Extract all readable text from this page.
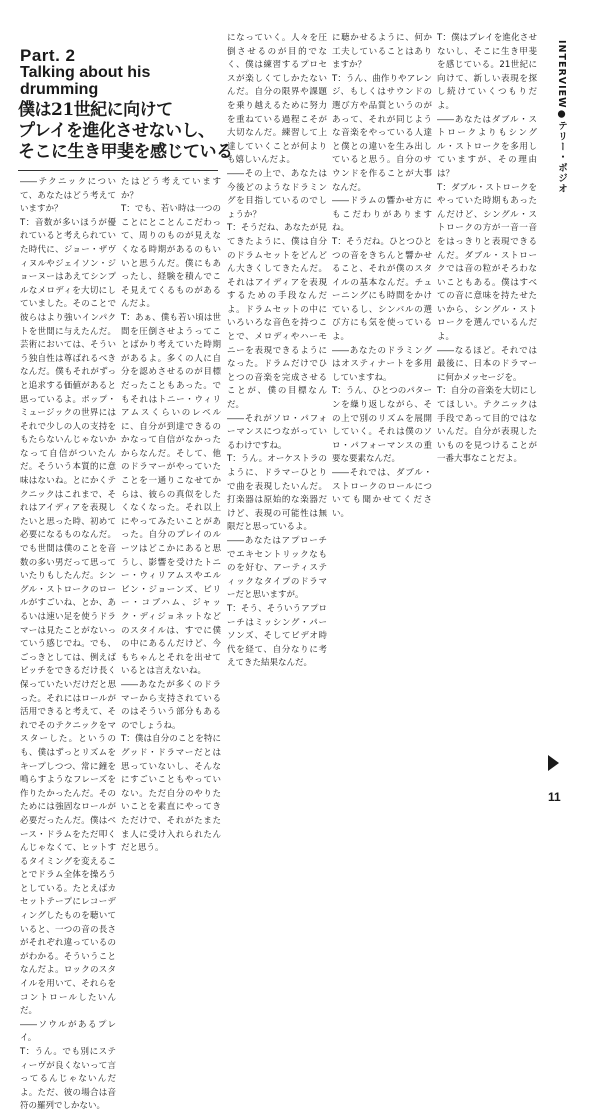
Part. 2
Talking about his drumming
僕は21世紀に向けて
プレイを進化させないし、
そこに生き甲斐を感じている

――テクニックについて、あなたはどう考えていますか？

T：音数が多いほうが優れていると考えられていた時代に、ジョー・ザヴィヌルやジェイソン・ジョーヌーはあえてシンプルなメロディを大切にしていました。そのことで彼らはより強いインパクトを世間に与えたんだ。芸術においては、そういう独自性は尊ばれるべきなんだ。僕もそれがずっと追求する価値があると思っているよ。ポップ・ミュージックの世界にはそれで少しの人の支持をもたらないんじゃないかなって自信がついたんだ。そういう本質的に意味はないね。とにかくテクニックはこれまで、それはアイディアを表現したいと思った時、初めて必要になるものなんだ。でも世間は僕のことを音数の多い男だって思っていたりもしたんだ。シングル・ストロークのロールがすごいね、とか、あるいは速い足を使うドラマーは見たことがないっていう感じでね。でも、ごっきとしては、例えばピッチをできるだけ長く保っていたいだけだと思った。それにはロールが活用できると考えて、それでそのテクニックをマスターした。というのも、僕はずっとリズムをキープしつつ、常に鐘を鳴らすようなフレーズを作りたかったんだ。そのためには強固なロールが必要だったんだ。僕はベース・ドラムをただ叩くんじゃなくて、ヒットするタイミングを変えることでドラム全体を操ろうとしている。たとえばカセットテープにレコーディングしたものを聴いていると、一つの音の長さがそれぞれ違っているのがわかる。そういうことなんだよ。ロックのスタイルを用いて、それらをコントロールしたいんだ。

――ソウルがあるプレイ。

T：うん。でも別にスティーヴが良くないって言ってるんじゃないんだよ。ただ、彼の場合は音符の羅列でしかない。

たはどう考えていますか？

T：でも、若い時は一つのことにとことんこだわって、周りのものが見えなくなる時期があるのもいいと思うんだ。僕にもあったし、経験を積んでこそ見えてくるものがあるんだよ。

T：あぁ、僕も若い頃は世間を圧倒させようってことばかり考えていた時期があるよ。多くの人に自分を認めさせるのが目標だったこともあった。でもそれはトニー・ウィリアムスくらいのレベルに、自分が到達できるのかなって自信がなかったからなんだ。そして、他のドラマーがやっていたことを一通りこなせてからは、彼らの真似をしたくなくなった。それ以上にやってみたいことがあった。自分のプレイのルーツはどこかにあると思うし、影響を受けたトニー・ウィリアムスやエルビン・ジョーンズ、ビリー・コブハム、ジャック・ディジョネットなどのスタイルは、すでに僕の中にあるんだけど、今もちゃんとそれを出せているとは言えないね。

――あなたが多くのドラマーから支持されているのはそういう部分もあるのでしょうね。

T：僕は自分のことを特にグッド・ドラマーだとは思っていないし、そんなにすごいこともやっていない。ただ自分のやりたいことを素直にやってきただけで、それがたまたま人に受け入れられたんだと思う。

になっていく。人々を圧倒させるのが目的でなく、僕は練習するプロセスが楽しくてしかたないんだ。自分の限界や課題を乗り越えるために努力を重ねている過程こそが大切なんだ。練習して上達していくことが何よりも嬉しいんだよ。

――その上で、あなたは今後どのようなドラミングを目指しているのでしょうか？

T：そうだね、あなたが見てきたように、僕は自分のドラムセットをどんどん大きくしてきたんだ。それはアイディアを表現するための手段なんだよ。ドラムセットの中にいろいろな音色を持つことで、メロディやハーモニーを表現できるようになった。ドラムだけでひとつの音楽を完成させることが、僕の目標なんだ。

――それがソロ・パフォーマンスにつながっているわけですね。

T：うん。オーケストラのように、ドラマーひとりで曲を表現したいんだ。打楽器は原始的な楽器だけど、表現の可能性は無限だと思っているよ。

――あなたはアプローチでエキセントリックなものを好む、アーティスティックなタイプのドラマーだと思いますが。

T：そう、そういうアプローチはミッシング・パーソンズ、そしてビデオ時代を経て、自分なりに考えてきた結果なんだ。

に聴かせるように、何か工夫していることはありますか？

T：うん、曲作りやアレンジ、もしくはサウンドの選び方や品質というのがあって、それが同じような音楽をやっている人達と僕との違いを生み出していると思う。自分のサウンドを作ることが大事なんだ。

――ドラムの響かせ方にもこだわりがありますね。

T：そうだね。ひとつひとつの音をきちんと響かせること、それが僕のスタイルの基本なんだ。チューニングにも時間をかけているし、シンバルの選び方にも気を使っているよ。

――あなたのドラミングはオスティナートを多用していますね。

T：うん、ひとつのパターンを繰り返しながら、その上で別のリズムを展開していく。それは僕のソロ・パフォーマンスの重要な要素なんだ。

――それでは、ダブル・ストロークのロールについても聞かせてください。

T：僕はプレイを進化させないし、そこに生き甲斐を感じている。21世紀に向けて、新しい表現を探し続けていくつもりだよ。

――あなたはダブル・ストロークよりもシングル・ストロークを多用していますが、その理由は？

T：ダブル・ストロークをやっていた時期もあったんだけど、シングル・ストロークの方が一音一音をはっきりと表現できるんだ。ダブル・ストロークでは音の粒がそろわないこともある。僕はすべての音に意味を持たせたいから、シングル・ストロークを選んでいるんだよ。

――なるほど。それでは最後に、日本のドラマーに何かメッセージを。

T：自分の音楽を大切にしてほしい。テクニックは手段であって目的ではないんだ。自分が表現したいものを見つけることが一番大事なことだよ。

INTERVIEW●テリー・ボジオ
11
